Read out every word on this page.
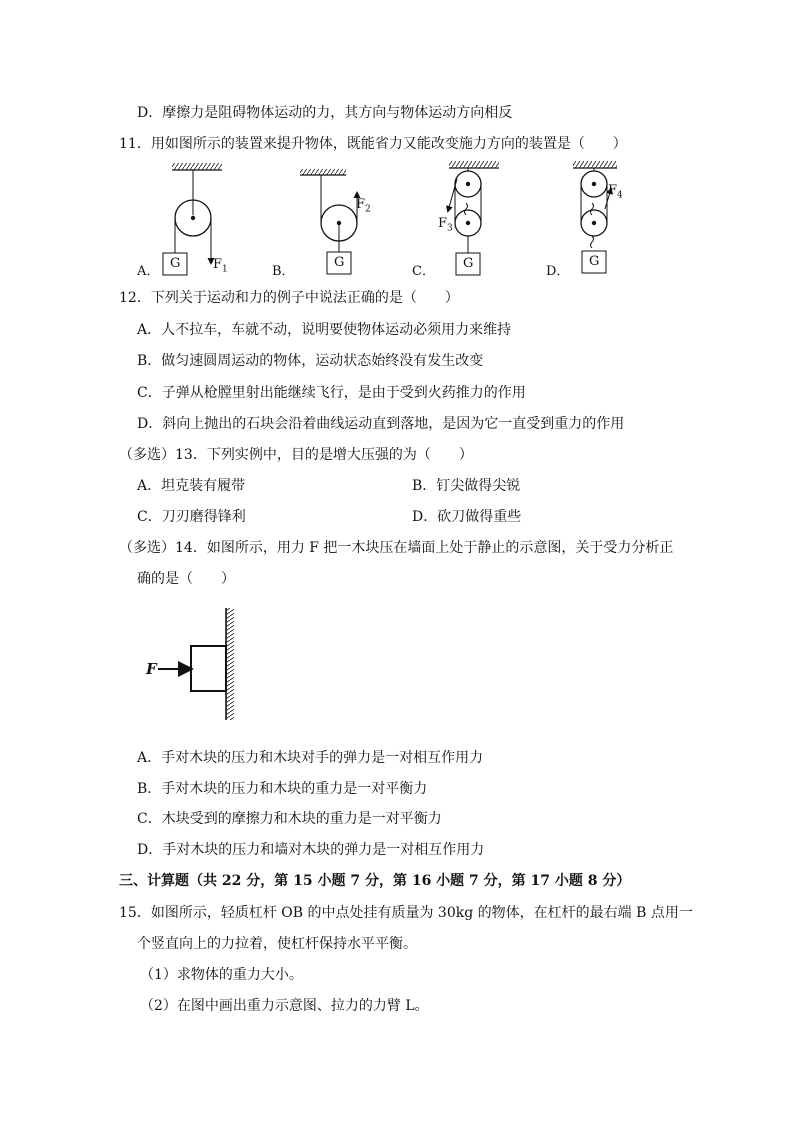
D．摩擦力是阻碍物体运动的力，其方向与物体运动方向相反
11．用如图所示的装置来提升物体，既能省力又能改变施力方向的装置是（　　）
A．	B．	C．	D．
G	G	G	G
$F_1$
$F_2$
$F_3$
$F_4$
12．下列关于运动和力的例子中说法正确的是（　　）
A．人不拉车，车就不动，说明要使物体运动必须用力来维持
B．做匀速圆周运动的物体，运动状态始终没有发生改变
C．子弹从枪膛里射出能继续飞行，是由于受到火药推力的作用
D．斜向上抛出的石块会沿着曲线运动直到落地，是因为它一直受到重力的作用
（多选）13．下列实例中，目的是增大压强的为（　　）
A．坦克装有履带	B．钉尖做得尖锐
C．刀刃磨得锋利	D．砍刀做得重些
（多选）14．如图所示，用力 F 把一木块压在墙面上处于静止的示意图，关于受力分析正
确的是（　　）
F
A．手对木块的压力和木块对手的弹力是一对相互作用力
B．手对木块的压力和木块的重力是一对平衡力
C．木块受到的摩擦力和木块的重力是一对平衡力
D．手对木块的压力和墙对木块的弹力是一对相互作用力
三、计算题（共 22 分，第 15 小题 7 分，第 16 小题 7 分，第 17 小题 8 分）
15．如图所示，轻质杠杆 OB 的中点处挂有质量为 30kg 的物体，在杠杆的最右端 B 点用一
个竖直向上的力拉着，使杠杆保持水平平衡。
（1）求物体的重力大小。
（2）在图中画出重力示意图、拉力的力臂 L。
